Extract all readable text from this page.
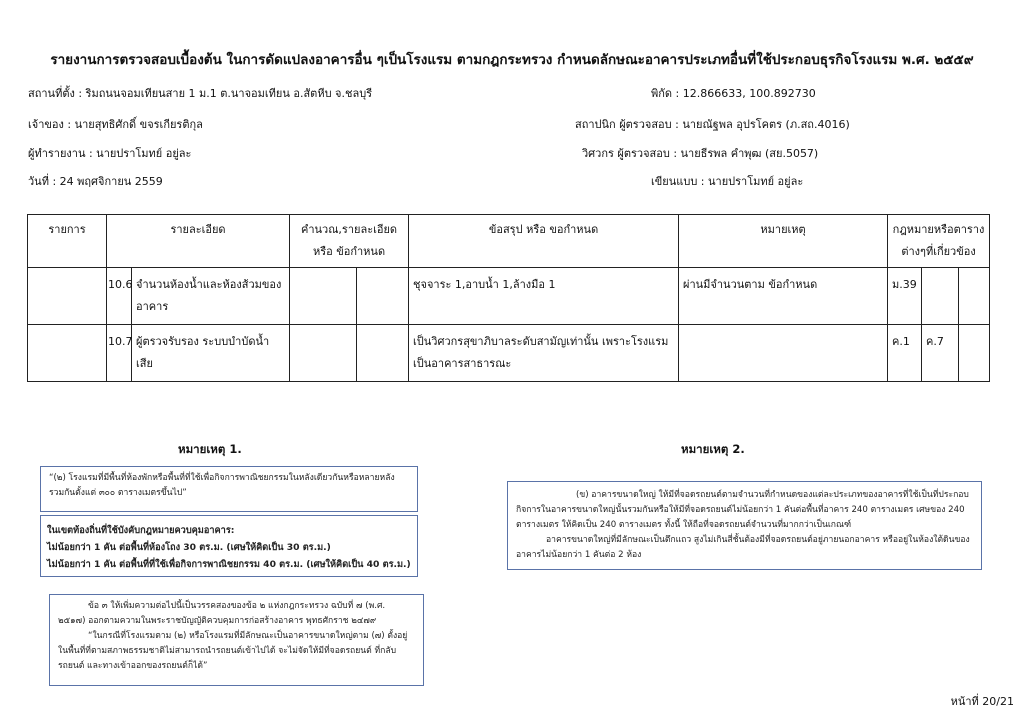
รายงานการตรวจสอบเบื้องต้น ในการดัดแปลงอาคารอื่น ๆเป็นโรงแรม ตามกฎกระทรวง กำหนดลักษณะอาคารประเภทอื่นที่ใช้ประกอบธุรกิจโรงแรม พ.ศ. ๒๕๕๙
สถานที่ตั้ง : ริมถนนจอมเทียนสาย 1 ม.1 ต.นาจอมเทียน อ.สัตหีบ จ.ชลบุรี	พิกัด : 12.866633, 100.892730
เจ้าของ : นายสุทธิศักดิ์ ขจรเกียรติกุล	สถาปนิก ผู้ตรวจสอบ : นายณัฐพล อุปรโคตร (ภ.สถ.4016)
ผู้ทำรายงาน : นายปราโมทย์ อยู่ละ	วิศวกร ผู้ตรวจสอบ : นายธีรพล คำพุฒ (สย.5057)
วันที่ : 24 พฤศจิกายน 2559	เขียนแบบ : นายปราโมทย์ อยู่ละ
รายการ	รายละเอียด		คำนวณ,รายละเอียด หรือ ข้อกำหนด		ข้อสรุป หรือ ขอกำหนด	หมายเหตุ	กฎหมายหรือตาราง ต่างๆที่เกี่ยวข้อง		
	10.6	จำนวนห้องน้ำและห้องส้วมของอาคาร			ชุจจาระ 1,อาบน้ำ 1,ล้างมือ 1	ผ่านมีจำนวนตาม ข้อกำหนด	ม.39		
	10.7	ผู้ตรวจรับรอง ระบบบำบัดน้ำเสีย			เป็นวิศวกรสุขาภิบาลระดับสามัญเท่านั้น เพราะโรงแรมเป็นอาคารสาธารณะ		ค.1	ค.7	
หมายเหตุ 1.	หมายเหตุ 2.

“(๒) โรงแรมที่มีพื้นที่ห้องพักหรือพื้นที่ที่ใช้เพื่อกิจการพาณิชยกรรมในหลังเดียวกันหรือหลายหลังรวมกันตั้งแต่ ๓๐๐ ตารางเมตรขึ้นไป”

ในเขตท้องถิ่นที่ใช้บังคับกฎหมายควบคุมอาคาร:

ไม่น้อยกว่า 1 คัน ต่อพื้นที่ห้องโถง 30 ตร.ม. (เศษให้คิดเป็น 30 ตร.ม.)

ไม่น้อยกว่า 1 คัน ต่อพื้นที่ที่ใช้เพื่อกิจการพาณิชยกรรม 40 ตร.ม. (เศษให้คิดเป็น 40 ตร.ม.)

ข้อ ๓ ให้เพิ่มความต่อไปนี้เป็นวรรคสองของข้อ ๒ แห่งกฎกระทรวง ฉบับที่ ๗ (พ.ศ. ๒๕๑๗) ออกตามความในพระราชบัญญัติควบคุมการก่อสร้างอาคาร พุทธศักราช ๒๔๗๙

“ในกรณีที่โรงแรมตาม (๒) หรือโรงแรมที่มีลักษณะเป็นอาคารขนาดใหญ่ตาม (๗) ตั้งอยู่ในพื้นที่ที่ตามสภาพธรรมชาติไม่สามารถนำรถยนต์เข้าไปได้ จะไม่จัดให้มีที่จอดรถยนต์ ที่กลับรถยนต์ และทางเข้าออกของรถยนต์ก็ได้”

(ข) อาคารขนาดใหญ่ ให้มีที่จอดรถยนต์ตามจำนวนที่กำหนดของแต่ละประเภทของอาคารที่ใช้เป็นที่ประกอบกิจการในอาคารขนาดใหญ่นั้นรวมกันหรือให้มีที่จอดรถยนต์ไม่น้อยกว่า 1 คันต่อพื้นที่อาคาร 240 ตารางเมตร เศษของ 240 ตารางเมตร ให้คิดเป็น 240 ตารางเมตร ทั้งนี้ ให้ถือที่จอดรถยนต์จำนวนที่มากกว่าเป็นเกณฑ์

อาคารขนาดใหญ่ที่มีลักษณะเป็นตึกแถว สูงไม่เกินสี่ชั้นต้องมีที่จอดรถยนต์อยู่ภายนอกอาคาร หรืออยู่ในห้องใต้ดินของอาคารไม่น้อยกว่า 1 คันต่อ 2 ห้อง

หน้าที่ 20/21
